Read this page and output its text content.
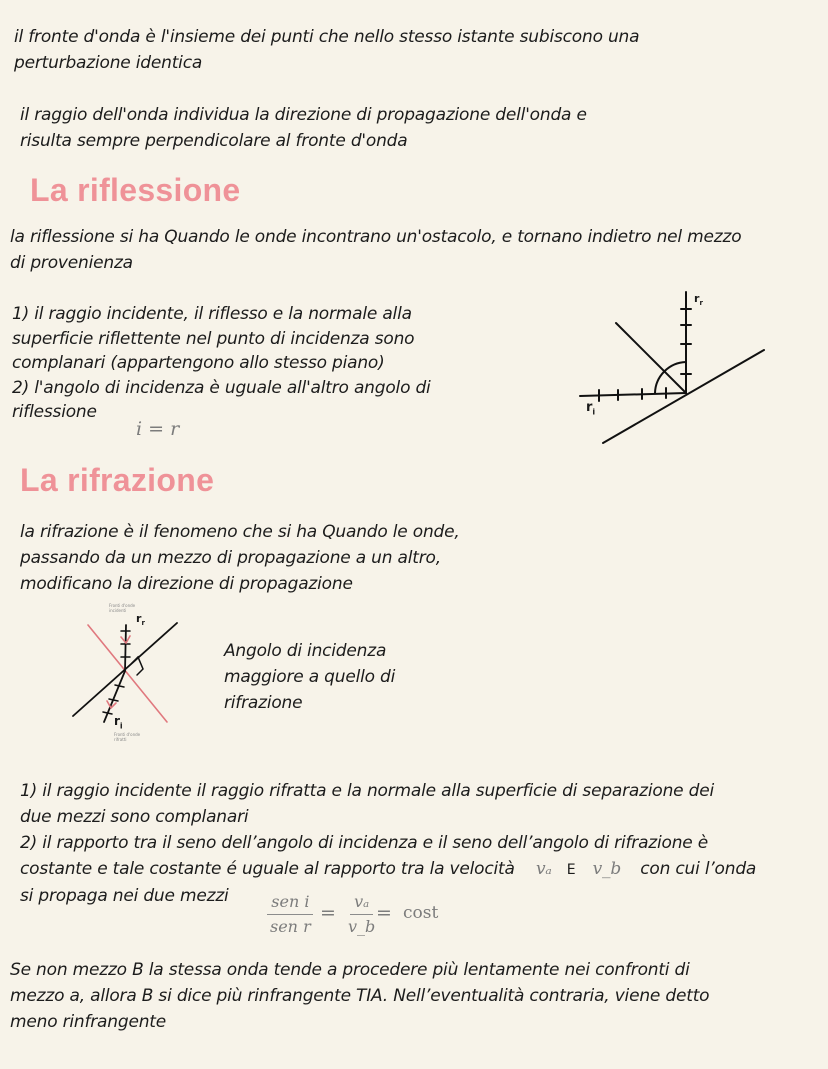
il fronte d'onda è l'insieme dei punti che nello stesso istante subiscono una
perturbazione identica
il raggio dell'onda individua la direzione di propagazione dell'onda e
risulta sempre perpendicolare al fronte d'onda
La riflessione
la riflessione si ha Quando le onde incontrano un'ostacolo, e tornano indietro nel mezzo
di provenienza
1) il raggio incidente, il riflesso e la normale alla
superficie riflettente nel punto di incidenza sono
complanari (appartengono allo stesso piano)
2) l'angolo di incidenza è uguale all'altro angolo di
riflessione
i = r
$r_r$
$r_i$
La rifrazione
la rifrazione è il fenomeno che si ha Quando le onde,
passando da un mezzo di propagazione a un altro,
modificano la direzione di propagazione
Fronti d'onde
incidenti
Fronti d'onde
rifratti
$r_r$
$r_i$
Angolo di incidenza
maggiore a quello di
rifrazione
1) il raggio incidente il raggio rifratta e la normale alla superficie di separazione dei
due mezzi sono complanari
2) il rapporto tra il seno dell’angolo di incidenza e il seno dell’angolo di rifrazione è
costante e tale costante é uguale al rapporto tra la velocità vₐ E v_b con cui l’onda
si propaga nei due mezzi	sen i
sen r
= $\frac{\text{vₐ}}{v\_b}$
= cost
Se non mezzo B la stessa onda tende a procedere più lentamente nei confronti di
mezzo a, allora B si dice più rinfrangente TIA. Nell’eventualità contraria, viene detto
meno rinfrangente
